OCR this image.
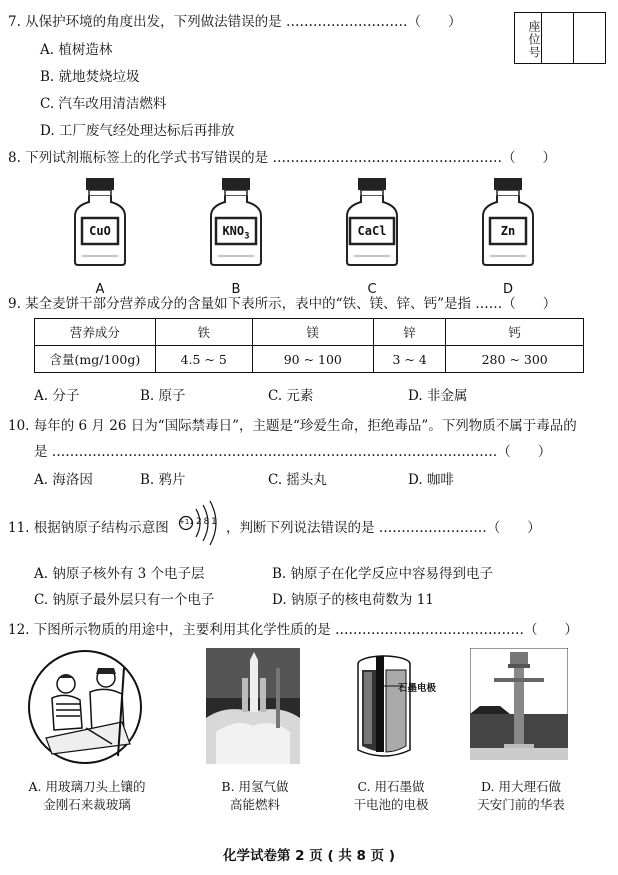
座位号
7. 从保护环境的角度出发，下列做法错误的是 ………………………（　　）
A. 植树造林
B. 就地焚烧垃圾
C. 汽车改用清洁燃料
D. 工厂废气经处理达标后再排放
8. 下列试剂瓶标签上的化学式书写错误的是 ……………………………………………（　　）
CuO	$KNO_3$	CaCl	Zn
A	B	C	D
9. 某全麦饼干部分营养成分的含量如下表所示，表中的“铁、镁、锌、钙”是指 ……（　　）
营养成分	铁	镁	锌	钙
含量(mg/100g)	4.5 ~ 5	90 ~ 100	3 ~ 4	280 ~ 300
A. 分子	B. 原子	C. 元素	D. 非金属
10. 每年的 6 月 26 日为“国际禁毒日”，主题是“珍爱生命，拒绝毒品”。下列物质不属于毒品的
是 ………………………………………………………………………………………（　　）
A. 海洛因	B. 鸦片	C. 摇头丸	D. 咖啡
11. 根据钠原子结构示意图 +11 2 8 1 ，判断下列说法错误的是 ……………………（　　）
A. 钠原子核外有 3 个电子层	B. 钠原子在化学反应中容易得到电子
C. 钠原子最外层只有一个电子	D. 钠原子的核电荷数为 11
12. 下图所示物质的用途中，主要利用其化学性质的是 ……………………………………（　　）
石墨电极
A. 用玻璃刀头上镶的
金刚石来裁玻璃
B. 用氢气做
高能燃料
C. 用石墨做
干电池的电极
D. 用大理石做
天安门前的华表
化学试卷第 2 页 ( 共 8 页 )
